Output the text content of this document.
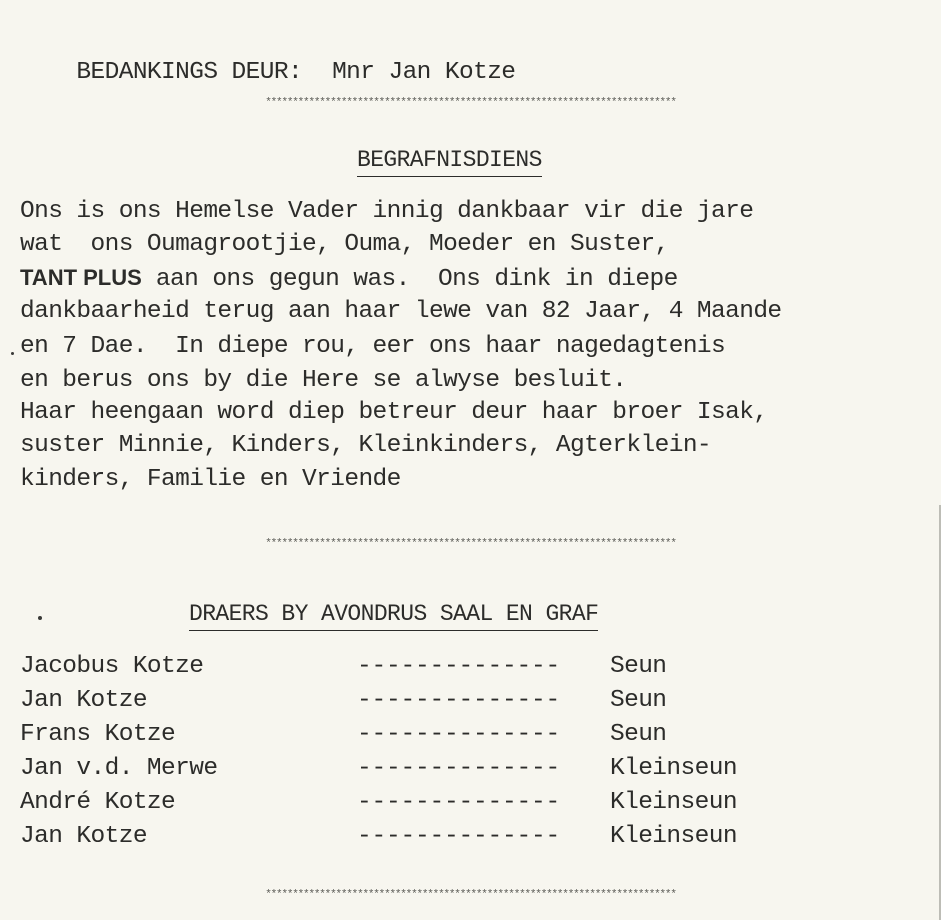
BEDANKINGS DEUR: Mnr Jan Kotze

****************************************************************************
BEGRAFNISDIENS
Ons is ons Hemelse Vader innig dankbaar vir die jare
wat  ons Oumagrootjie, Ouma, Moeder en Suster,
TANT PLUS aan ons gegun was.  Ons dink in diepe
dankbaarheid terug aan haar lewe van 82 Jaar, 4 Maande
en 7 Dae.  In diepe rou, eer ons haar nagedagtenis
en berus ons by die Here se alwyse besluit.
Haar heengaan word diep betreur deur haar broer Isak,
suster Minnie, Kinders, Kleinkinders, Agterklein-
kinders, Familie en Vriende
****************************************************************************
DRAERS BY AVONDRUS SAAL EN GRAF
Jacobus Kotze	-------------- Seun
Jan Kotze	-------------- Seun
Frans Kotze	-------------- Seun
Jan v.d. Merwe	-------------- Kleinseun
André Kotze	-------------- Kleinseun
Jan Kotze	-------------- Kleinseun
****************************************************************************
